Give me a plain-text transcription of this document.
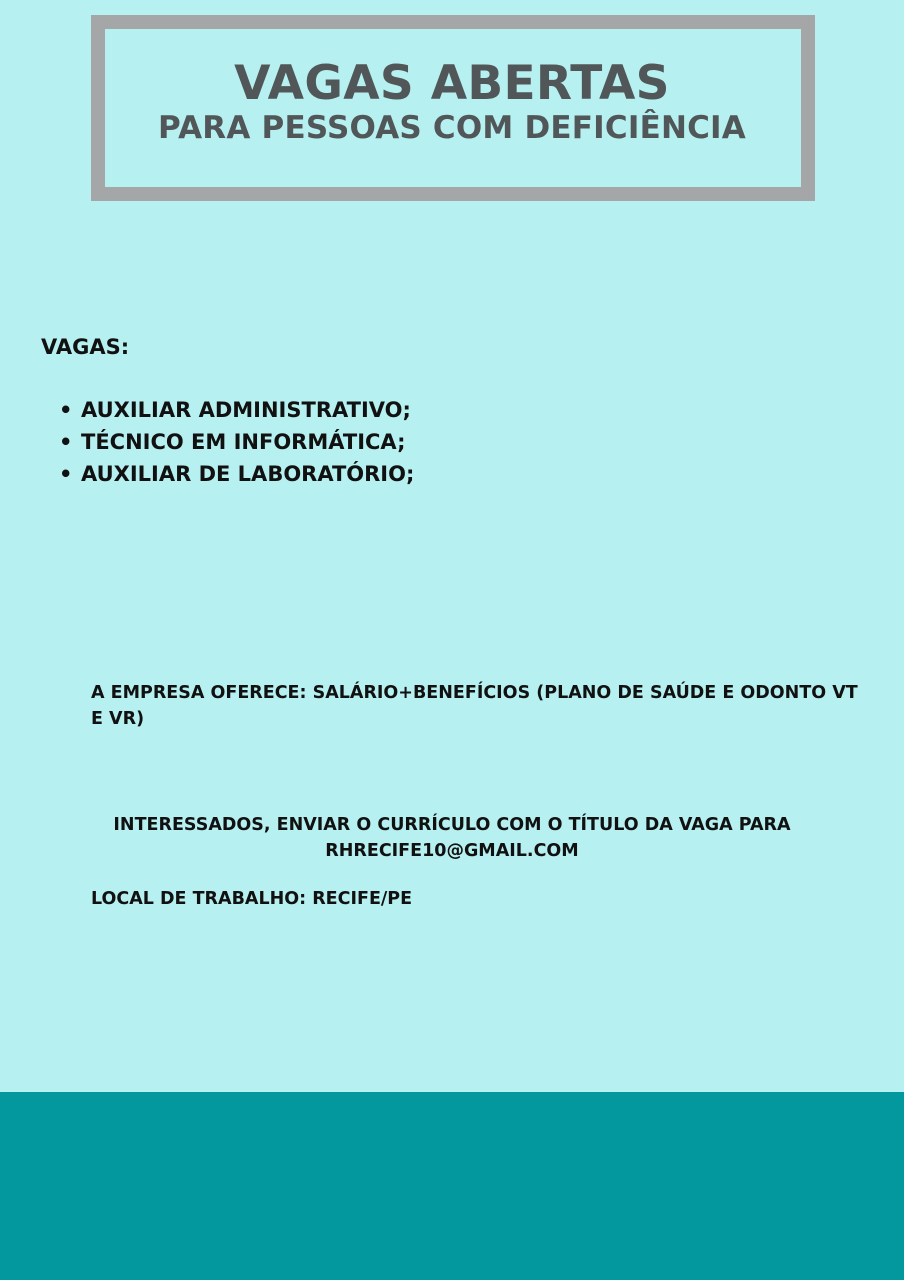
VAGAS ABERTAS
PARA PESSOAS COM DEFICIÊNCIA
VAGAS:
• AUXILIAR ADMINISTRATIVO;
• TÉCNICO EM INFORMÁTICA;
• AUXILIAR DE LABORATÓRIO;
A EMPRESA OFERECE: SALÁRIO+BENEFÍCIOS (PLANO DE SAÚDE E ODONTO VT E VR)
INTERESSADOS, ENVIAR O CURRÍCULO COM O TÍTULO DA VAGA PARA
RHRECIFE10@GMAIL.COM
LOCAL DE TRABALHO: RECIFE/PE
